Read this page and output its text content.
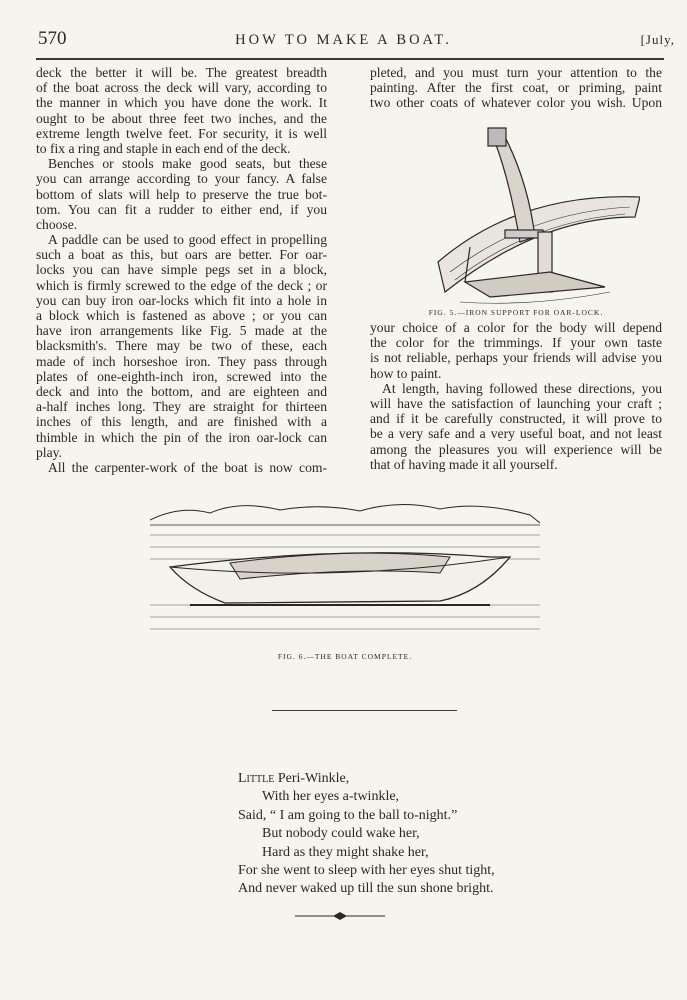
570	HOW TO MAKE A BOAT.	[July,
deck the better it will be. The greatest breadth
of the boat across the deck will vary, according to
the manner in which you have done the work. It
ought to be about three feet two inches, and the
extreme length twelve feet. For security, it is well
to fix a ring and staple in each end of the deck.
Benches or stools make good seats, but these
you can arrange according to your fancy. A false
bottom of slats will help to preserve the true bot-
tom. You can fit a rudder to either end, if you
choose.
A paddle can be used to good effect in propelling
such a boat as this, but oars are better. For oar-
locks you can have simple pegs set in a block,
which is firmly screwed to the edge of the deck ; or
you can buy iron oar-locks which fit into a hole in
a block which is fastened as above ; or you can
have iron arrangements like Fig. 5 made at the
blacksmith's. There may be two of these, each
made of inch horseshoe iron. They pass through
plates of one-eighth-inch iron, screwed into the
deck and into the bottom, and are eighteen and
a-half inches long. They are straight for thirteen
inches of this length, and are finished with a
thimble in which the pin of the iron oar-lock can
play.
All the carpenter-work of the boat is now com-
pleted, and you must turn your attention to the
painting. After the first coat, or priming, paint
two other coats of whatever color you wish. Upon
FIG. 5.—IRON SUPPORT FOR OAR-LOCK.
your choice of a color for the body will depend
the color for the trimmings. If your own taste
is not reliable, perhaps your friends will advise you
how to paint.
At length, having followed these directions, you
will have the satisfaction of launching your craft ;
and if it be carefully constructed, it will prove to
be a very safe and a very useful boat, and not least
among the pleasures you will experience will be
that of having made it all yourself.
FIG. 6.—THE BOAT COMPLETE.
Little Peri-Winkle,
With her eyes a-twinkle,
Said, “ I am going to the ball to-night.”
But nobody could wake her,
Hard as they might shake her,
For she went to sleep with her eyes shut tight,
And never waked up till the sun shone bright.
